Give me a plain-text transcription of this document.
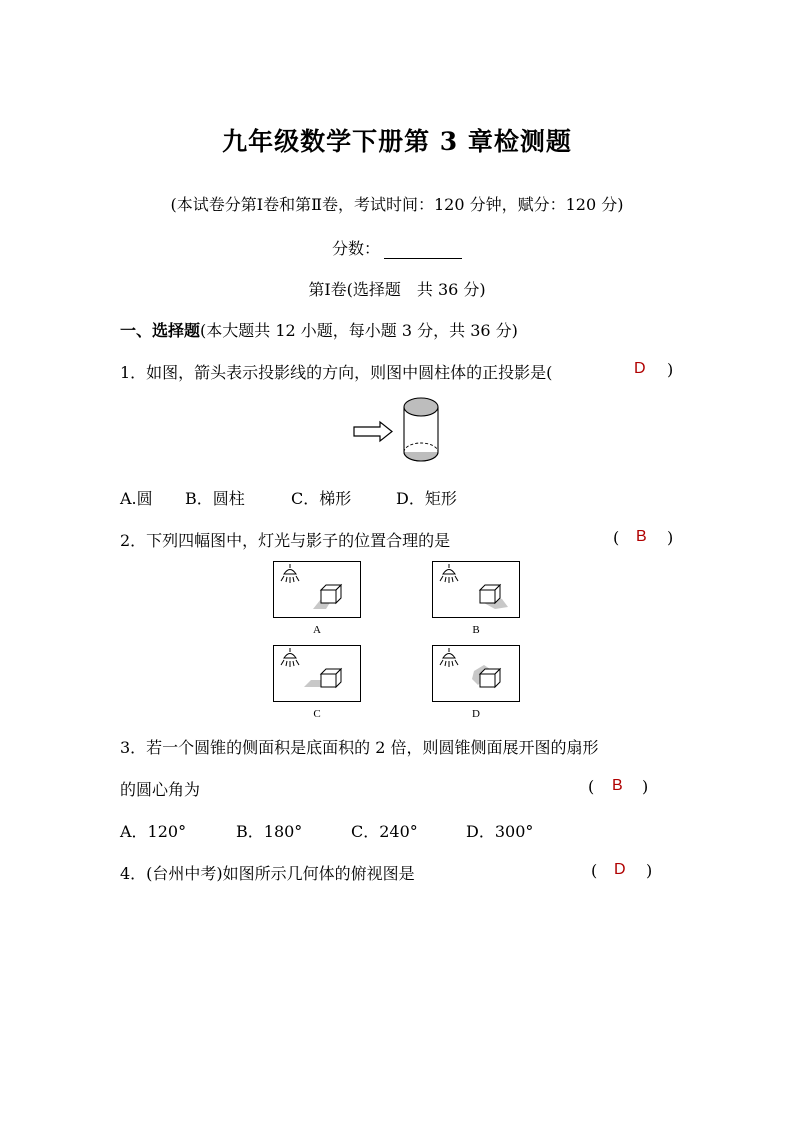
九年级数学下册第 3 章检测题
(本试卷分第Ⅰ卷和第Ⅱ卷，考试时间：120 分钟，赋分：120 分)
分数：
第Ⅰ卷(选择题　共 36 分)
一、选择题(本大题共 12 小题，每小题 3 分，共 36 分)
1．如图，箭头表示投影线的方向，则图中圆柱体的正投影是(	D )
A.圆 B．圆柱	C．梯形	D．矩形
2．下列四幅图中，灯光与影子的位置合理的是	( B )
A	B
C	D
3．若一个圆锥的侧面积是底面积的 2 倍，则圆锥侧面展开图的扇形
的圆心角为	( B )
A．120°	B．180°	C．240°	D．300°
4．(台州中考)如图所示几何体的俯视图是	( D )
